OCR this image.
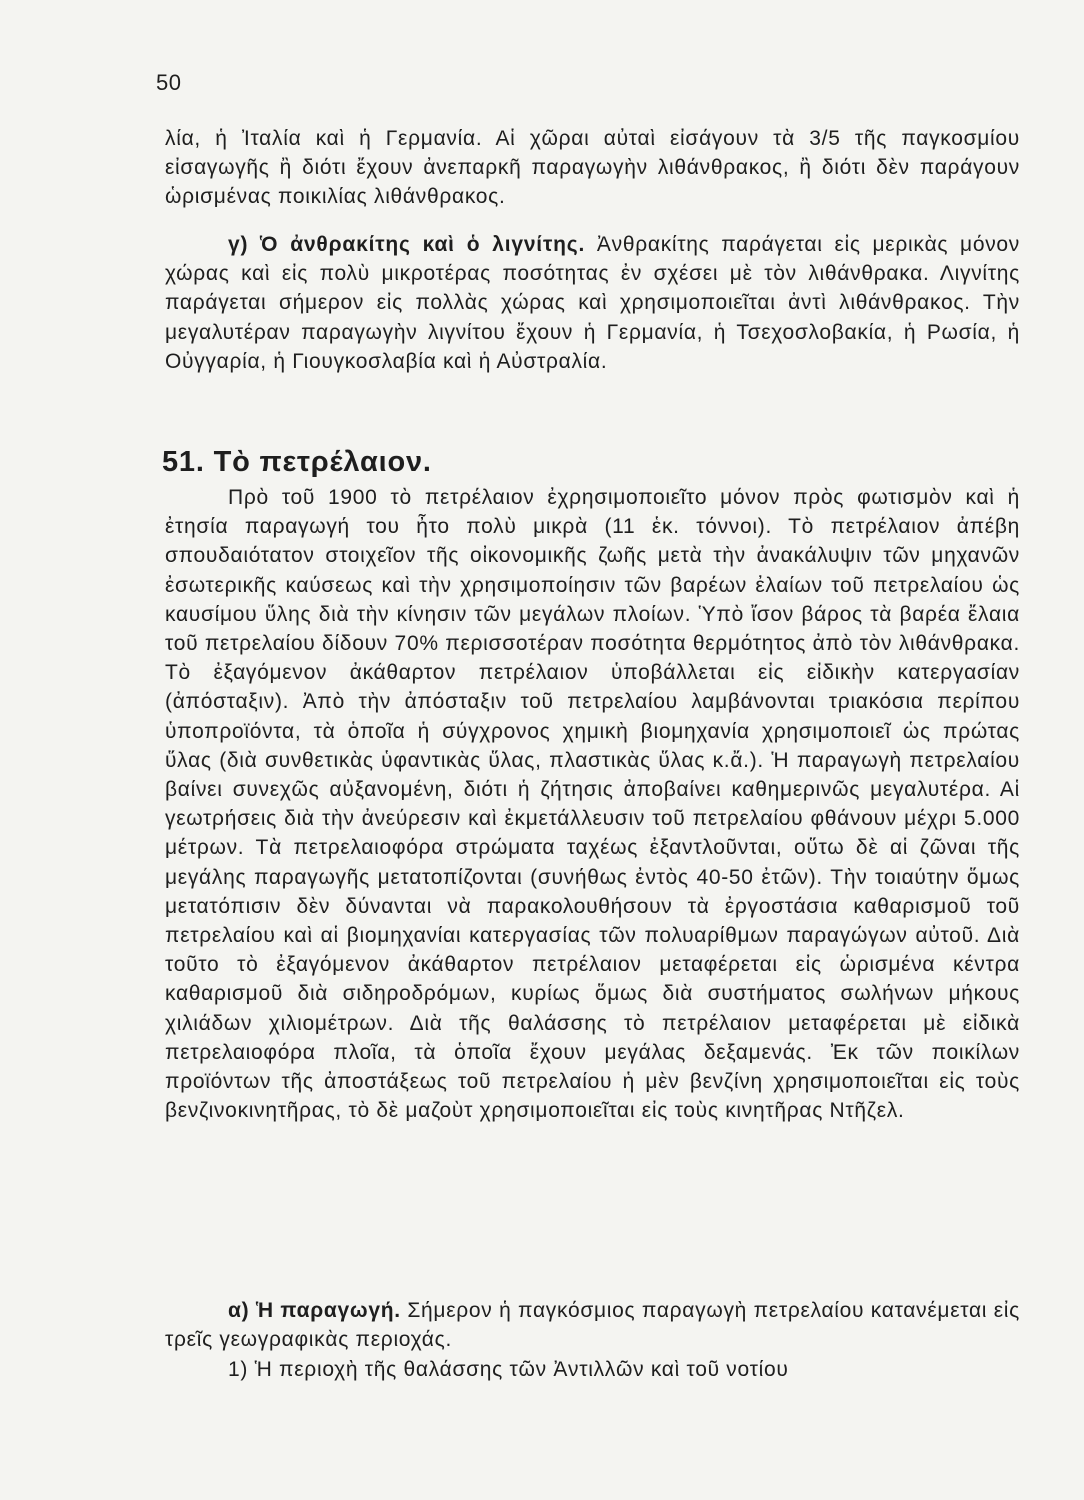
50

λία, ἡ Ἰταλία καὶ ἡ Γερμανία. Αἱ χῶραι αὐταὶ εἰσάγουν τὰ 3/5 τῆς παγκοσμίου εἰσαγωγῆς ἢ διότι ἔχουν ἀνεπαρκῆ παραγωγὴν λιθάνθρακος, ἢ διότι δὲν παράγουν ὡρισμένας ποικιλίας λιθάνθρακος.

γ) Ὁ ἀνθρακίτης καὶ ὁ λιγνίτης. Ἀνθρακίτης παράγεται εἰς μερικὰς μόνον χώρας καὶ εἰς πολὺ μικροτέρας ποσότητας ἐν σχέσει μὲ τὸν λιθάνθρακα. Λιγνίτης παράγεται σήμερον εἰς πολλὰς χώρας καὶ χρησιμοποιεῖται ἀντὶ λιθάνθρακος. Τὴν μεγαλυτέραν παραγωγὴν λιγνίτου ἔχουν ἡ Γερμανία, ἡ Τσεχοσλοβακία, ἡ Ρωσία, ἡ Οὐγγαρία, ἡ Γιουγκοσλαβία καὶ ἡ Αὐστραλία.

51. Τὸ πετρέλαιον.

Πρὸ τοῦ 1900 τὸ πετρέλαιον ἐχρησιμοποιεῖτο μόνον πρὸς φωτισμὸν καὶ ἡ ἐτησία παραγωγή του ἦτο πολὺ μικρὰ (11 ἑκ. τόννοι). Τὸ πετρέλαιον ἀπέβη σπουδαιότατον στοιχεῖον τῆς οἰκονομικῆς ζωῆς μετὰ τὴν ἀνακάλυψιν τῶν μηχανῶν ἐσωτερικῆς καύσεως καὶ τὴν χρησιμοποίησιν τῶν βαρέων ἐλαίων τοῦ πετρελαίου ὡς καυσίμου ὕλης διὰ τὴν κίνησιν τῶν μεγάλων πλοίων. Ὑπὸ ἴσον βάρος τὰ βαρέα ἔλαια τοῦ πετρελαίου δίδουν 70% περισσοτέραν ποσότητα θερμότητος ἀπὸ τὸν λιθάνθρακα. Τὸ ἐξαγόμενον ἀκάθαρτον πετρέλαιον ὑποβάλλεται εἰς εἰδικὴν κατεργασίαν (ἀπόσταξιν). Ἀπὸ τὴν ἀπόσταξιν τοῦ πετρελαίου λαμβάνονται τριακόσια περίπου ὑποπροϊόντα, τὰ ὁποῖα ἡ σύγχρονος χημικὴ βιομηχανία χρησιμοποιεῖ ὡς πρώτας ὕλας (διὰ συνθετικὰς ὑφαντικὰς ὕλας, πλαστικὰς ὕλας κ.ἄ.). Ἡ παραγωγὴ πετρελαίου βαίνει συνεχῶς αὐξανομένη, διότι ἡ ζήτησις ἀποβαίνει καθημερινῶς μεγαλυτέρα. Αἱ γεωτρήσεις διὰ τὴν ἀνεύρεσιν καὶ ἐκμετάλλευσιν τοῦ πετρελαίου φθάνουν μέχρι 5.000 μέτρων. Τὰ πετρελαιοφόρα στρώματα ταχέως ἐξαντλοῦνται, οὕτω δὲ αἱ ζῶναι τῆς μεγάλης παραγωγῆς μετατοπίζονται (συνήθως ἐντὸς 40-50 ἐτῶν). Τὴν τοιαύτην ὅμως μετατόπισιν δὲν δύνανται νὰ παρακολουθήσουν τὰ ἐργοστάσια καθαρισμοῦ τοῦ πετρελαίου καὶ αἱ βιομηχανίαι κατεργασίας τῶν πολυαρίθμων παραγώγων αὐτοῦ. Διὰ τοῦτο τὸ ἐξαγόμενον ἀκάθαρτον πετρέλαιον μεταφέρεται εἰς ὡρισμένα κέντρα καθαρισμοῦ διὰ σιδηροδρόμων, κυρίως ὅμως διὰ συστήματος σωλήνων μήκους χιλιάδων χιλιομέτρων. Διὰ τῆς θαλάσσης τὸ πετρέλαιον μεταφέρεται μὲ εἰδικὰ πετρελαιοφόρα πλοῖα, τὰ ὁποῖα ἔχουν μεγάλας δεξαμενάς. Ἐκ τῶν ποικίλων προϊόντων τῆς ἀποστάξεως τοῦ πετρελαίου ἡ μὲν βενζίνη χρησιμοποιεῖται εἰς τοὺς βενζινοκινητῆρας, τὸ δὲ μαζοὺτ χρησιμοποιεῖται εἰς τοὺς κινητῆρας Ντῆζελ.

α) Ἡ παραγωγή. Σήμερον ἡ παγκόσμιος παραγωγὴ πετρελαίου κατανέμεται εἰς τρεῖς γεωγραφικὰς περιοχάς.

1) Ἡ περιοχὴ τῆς θαλάσσης τῶν Ἀντιλλῶν καὶ τοῦ νοτίου
